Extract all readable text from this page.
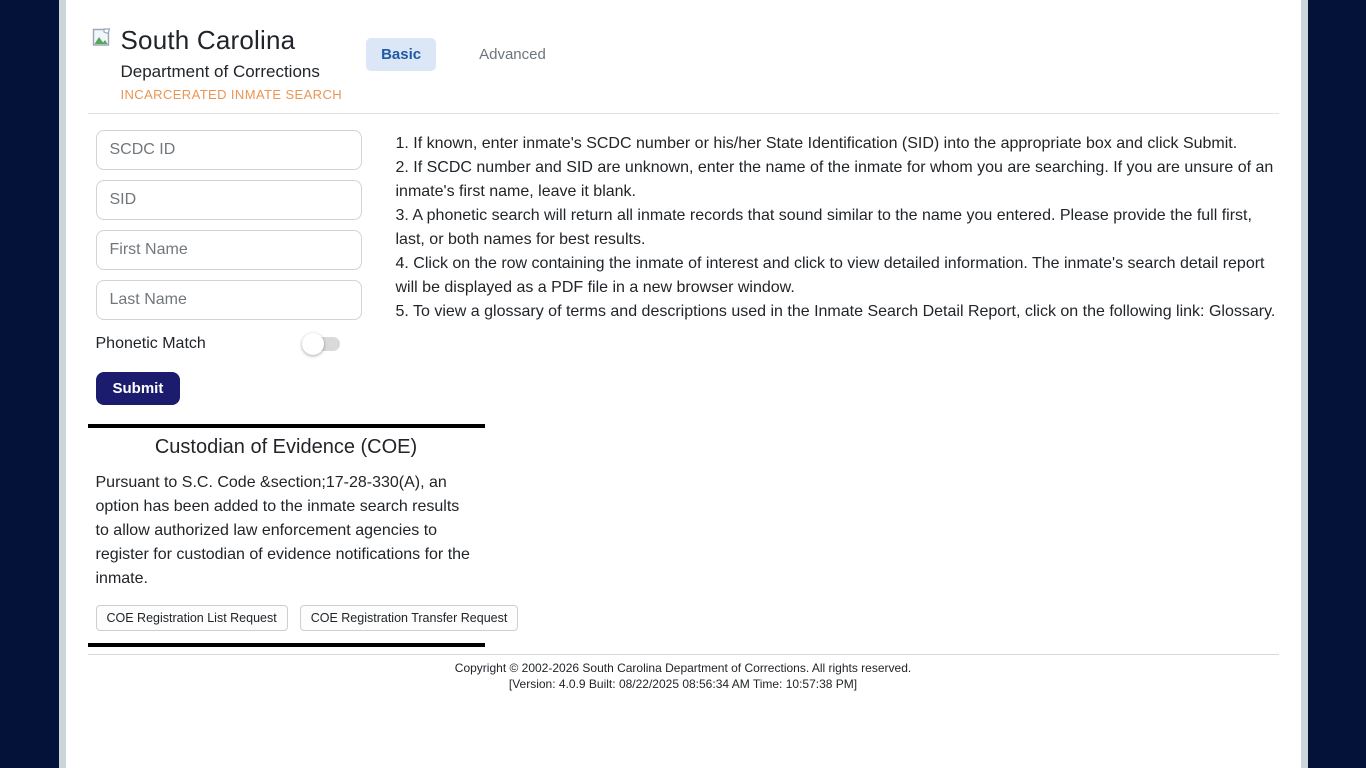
South Carolina
Department of Corrections
INCARCERATED INMATE SEARCH
Basic	Advanced
SCDC ID
SID
First Name
Last Name
Phonetic Match
Submit
1. If known, enter inmate's SCDC number or his/her State Identification (SID) into the appropriate box and click Submit.
2. If SCDC number and SID are unknown, enter the name of the inmate for whom you are searching. If you are unsure of an inmate's first name, leave it blank.
3. A phonetic search will return all inmate records that sound similar to the name you entered. Please provide the full first, last, or both names for best results.
4. Click on the row containing the inmate of interest and click to view detailed information. The inmate's search detail report will be displayed as a PDF file in a new browser window.
5. To view a glossary of terms and descriptions used in the Inmate Search Detail Report, click on the following link: Glossary.
Custodian of Evidence (COE)
Pursuant to S.C. Code &section;17-28-330(A), an option has been added to the inmate search results to allow authorized law enforcement agencies to register for custodian of evidence notifications for the inmate.
COE Registration List Request	COE Registration Transfer Request
Copyright © 2002-2026 South Carolina Department of Corrections. All rights reserved.
[Version: 4.0.9 Built: 08/22/2025 08:56:34 AM Time: 10:57:38 PM]
